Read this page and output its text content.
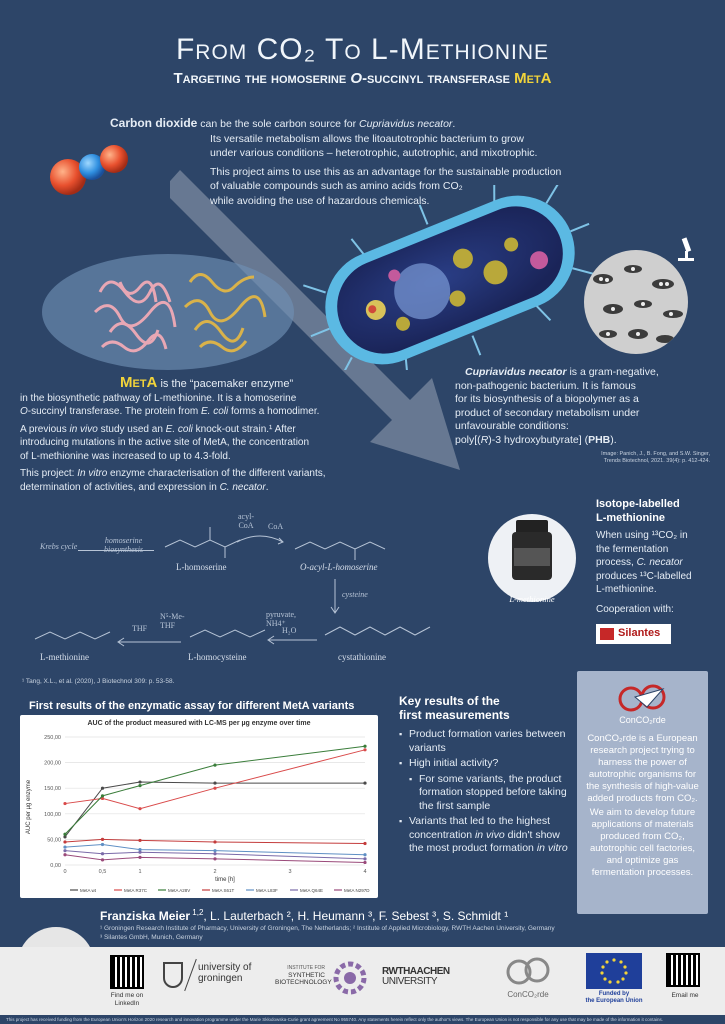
From CO₂ To L-Methionine
Targeting the homoserine O-succinyl transferase MetA
Carbon dioxide can be the sole carbon source for Cupriavidus necator.
Its versatile metabolism allows the litoautotrophic bacterium to grow
under various conditions – heterotrophic, autotrophic, and mixotrophic.
This project aims to use this as an advantage for the sustainable production
of valuable compounds such as amino acids from CO₂
while avoiding the use of hazardous chemicals.
MetA is the “pacemaker enzyme”
in the biosynthetic pathway of L-methionine. It is a homoserine
O-succinyl transferase. The protein from E. coli forms a homodimer.
A previous in vivo study used an E. coli knock-out strain.¹ After
introducing mutations in the active site of MetA, the concentration
of L-methionine was increased to up to 4.3-fold.
This project: In vitro enzyme characterisation of the different variants,
determination of activities, and expression in C. necator.
Cupriavidus necator is a gram-negative,
non-pathogenic bacterium. It is famous
for its biosynthesis of a biopolymer as a
product of secondary metabolism under
unfavourable conditions:
poly[(R)-3 hydroxybutyrate] (PHB).
Image: Panich, J., B. Fong, and S.W. Singer,
Trends Biotechnol, 2021. 39(4): p. 412-424.
Krebs cycle
homoserine
biosynthesis
L-homoserine
acyl-
CoA CoA
O-acyl-L-homoserine
cysteine
L-methionine
THF
N⁵-Me-
THF
L-homocysteine
pyruvate,
NH4⁺
H₂O
cystathionine
¹ Tang, X.L., et al. (2020), J Biotechnol 309: p. 53-58.
L-methionine
Isotope-labelled
L-methionine
When using ¹³CO₂ in
the fermentation
process, C. necator
produces ¹³C-labelled
L-methionine.
Cooperation with:
Silantes
First results of the enzymatic assay for different MetA variants
AUC of the product measured with LC-MS per µg enzyme over time
AUC per µg enzyme
time [h]
250,00
200,00
150,00
100,00
50,00
0,00
0	0,5	1	2	3	4
MetA wt	MetA R37C	MetA A28V	MetA S61T	MetA L83F	MetA Q64E	MetA N297D
Key results of the
first measurements
▪ Product formation varies between variants
▪ High initial activity?
▪ For some variants, the product formation stopped before taking the first sample
▪ Variants that led to the highest concentration in vivo didn't show the most product formation in vitro
ConCO₂rde
ConCO₂rde is a European research project trying to harness the power of autotrophic organisms for the synthesis of high-value added products from CO₂.
We aim to develop future applications of materials produced from CO₂, autotrophic cell factories, and optimize gas fermentation processes.
Franziska Meier $^{1,2}$, L. Lauterbach ², H. Heumann ³, F. Sebest ³, S. Schmidt ¹
¹ Groningen Research Institute of Pharmacy, University of Groningen, The Netherlands; ² Institute of Applied Microbiology, RWTH Aachen University, Germany
³ Silantes GmbH, Munich, Germany
Find me on
LinkedIn
university of
groningen
INSTITUTE FOR
SYNTHETIC
BIOTECHNOLOGY
RWTHAACHEN
UNIVERSITY
ConCO₂rde	Funded by
the European Union
Email me
This project has received funding from the European Union's Horizon 2020 research and innovation programme under the Marie Skłodowska-Curie grant agreement No 955740. Any statements herein reflect only the author's views. The European Union is not responsible for any use that may be made of the information it contains.
